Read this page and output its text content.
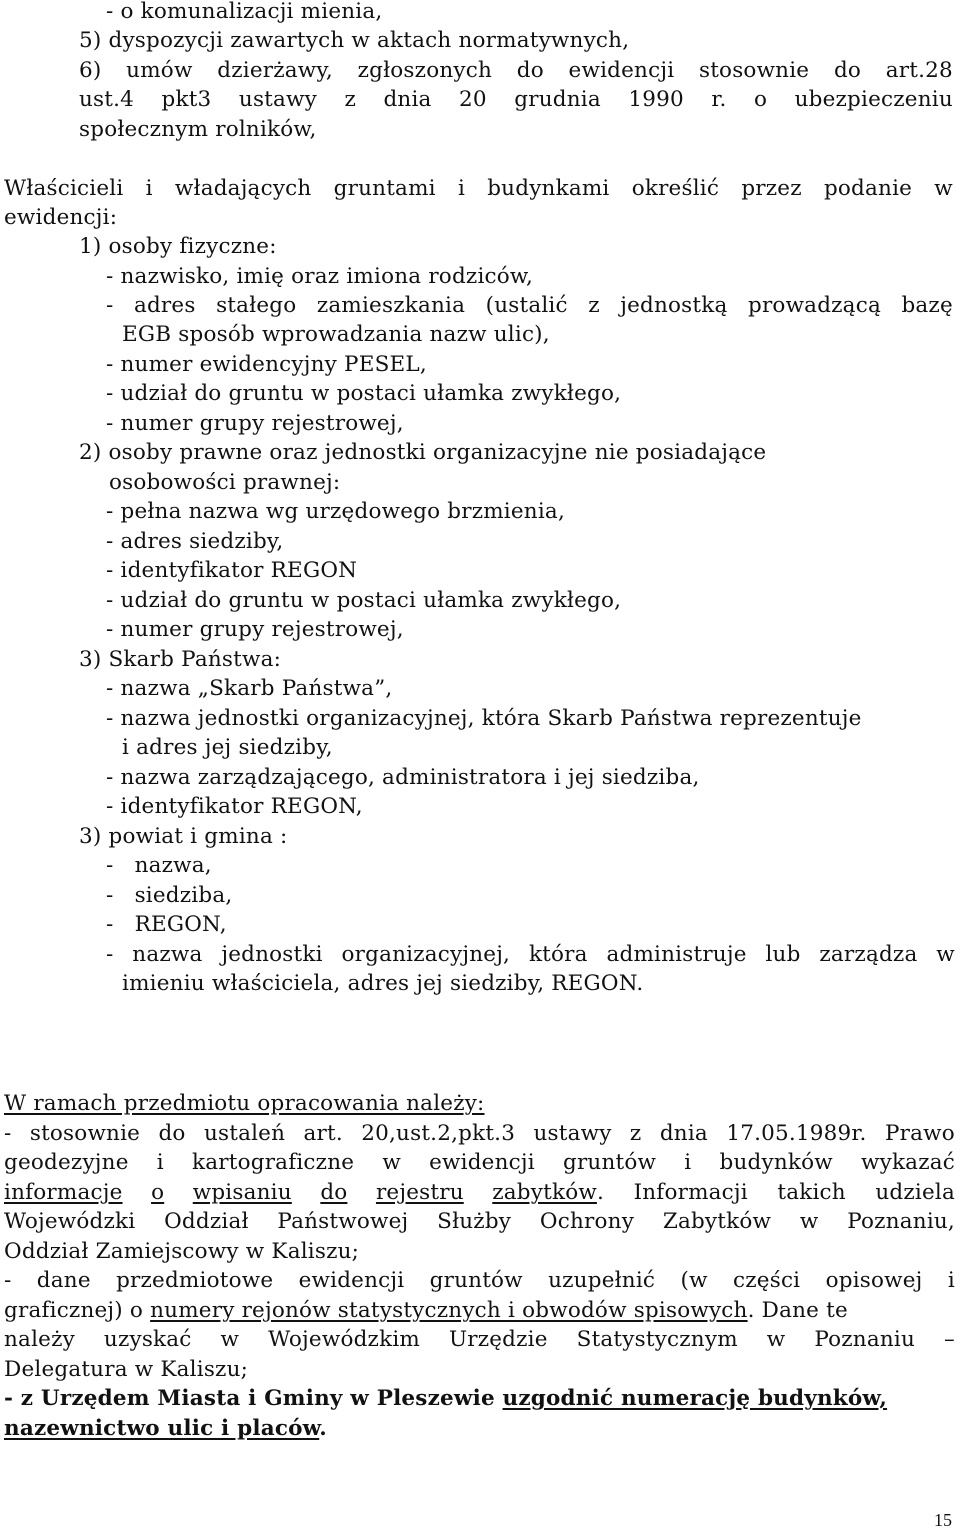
- o komunalizacji mienia,
5) dyspozycji zawartych w aktach normatywnych,
6) umów dzierżawy, zgłoszonych do ewidencji stosownie do art.28
ust.4 pkt3 ustawy z dnia 20 grudnia 1990 r. o ubezpieczeniu
społecznym rolników,
Właścicieli i władających gruntami i budynkami określić przez podanie w
ewidencji:
1) osoby fizyczne:
- nazwisko, imię oraz imiona rodziców,
- adres stałego zamieszkania (ustalić z jednostką prowadzącą bazę
EGB sposób wprowadzania nazw ulic),
- numer ewidencyjny PESEL,
- udział do gruntu w postaci ułamka zwykłego,
- numer grupy rejestrowej,
2) osoby prawne oraz jednostki organizacyjne nie posiadające
osobowości prawnej:
- pełna nazwa wg urzędowego brzmienia,
- adres siedziby,
- identyfikator REGON
- udział do gruntu w postaci ułamka zwykłego,
- numer grupy rejestrowej,
3) Skarb Państwa:
- nazwa „Skarb Państwa”,
- nazwa jednostki organizacyjnej, która Skarb Państwa reprezentuje
i adres jej siedziby,
- nazwa zarządzającego, administratora i jej siedziba,
- identyfikator REGON,
3) powiat i gmina :
-   nazwa,
-   siedziba,
-   REGON,
- nazwa jednostki organizacyjnej, która administruje lub zarządza w
imieniu właściciela, adres jej siedziby, REGON.
W ramach przedmiotu opracowania należy:
- stosownie do ustaleń art. 20,ust.2,pkt.3 ustawy z dnia 17.05.1989r. Prawo
geodezyjne i kartograficzne w ewidencji gruntów i budynków wykazać
informacje o wpisaniu do rejestru zabytków . Informacji takich udziela
Wojewódzki Oddział Państwowej Służby Ochrony Zabytków w Poznaniu,
Oddział Zamiejscowy w Kaliszu;
- dane przedmiotowe ewidencji gruntów uzupełnić (w części opisowej i
graficznej) o numery rejonów statystycznych i obwodów spisowych. Dane te
należy uzyskać w Wojewódzkim Urzędzie Statystycznym w Poznaniu –
Delegatura w Kaliszu;
- z Urzędem Miasta i Gminy w Pleszewie uzgodnić numerację budynków,
nazewnictwo ulic i placów.
15
